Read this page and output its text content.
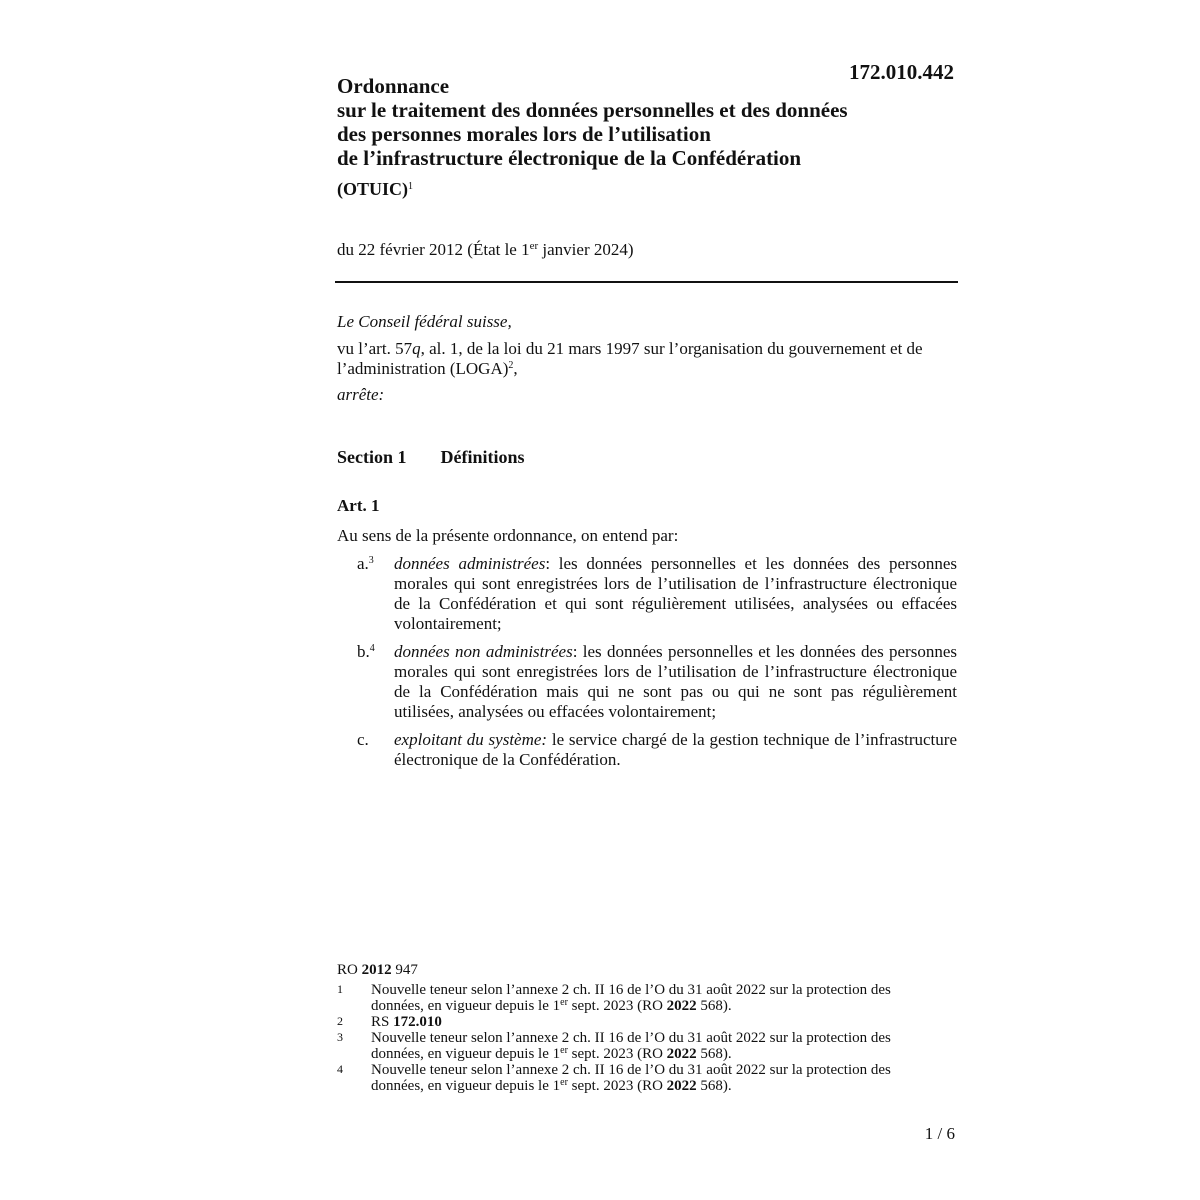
172.010.442
Ordonnance
sur le traitement des données personnelles et des données
des personnes morales lors de l’utilisation
de l’infrastructure électronique de la Confédération
(OTUIC)$^1$
du 22 février 2012 (État le 1er janvier 2024)

Le Conseil fédéral suisse,

vu l’art. 57q, al. 1, de la loi du 21 mars 1997 sur l’organisation du gouvernement et de l’administration (LOGA)$^2$,

arrête:

Section 1 Définitions
Art. 1
Au sens de la présente ordonnance, on entend par:
a.$^3$	données administrées: les données personnelles et les données des personnes morales qui sont enregistrées lors de l’utilisation de l’infrastructure électronique de la Confédération et qui sont régulièrement utilisées, analysées ou effacées volontairement;
b.$^4$	données non administrées: les données personnelles et les données des personnes morales qui sont enregistrées lors de l’utilisation de l’infrastructure électronique de la Confédération mais qui ne sont pas ou qui ne sont pas régulièrement utilisées, analysées ou effacées volontairement;
c.	exploitant du système: le service chargé de la gestion technique de l’infrastructure électronique de la Confédération.
RO 2012 947
1	Nouvelle teneur selon l’annexe 2 ch. II 16 de l’O du 31 août 2022 sur la protection des données, en vigueur depuis le 1er sept. 2023 (RO 2022 568).
2	RS 172.010
3	Nouvelle teneur selon l’annexe 2 ch. II 16 de l’O du 31 août 2022 sur la protection des données, en vigueur depuis le 1er sept. 2023 (RO 2022 568).
4	Nouvelle teneur selon l’annexe 2 ch. II 16 de l’O du 31 août 2022 sur la protection des données, en vigueur depuis le 1er sept. 2023 (RO 2022 568).
1 / 6
